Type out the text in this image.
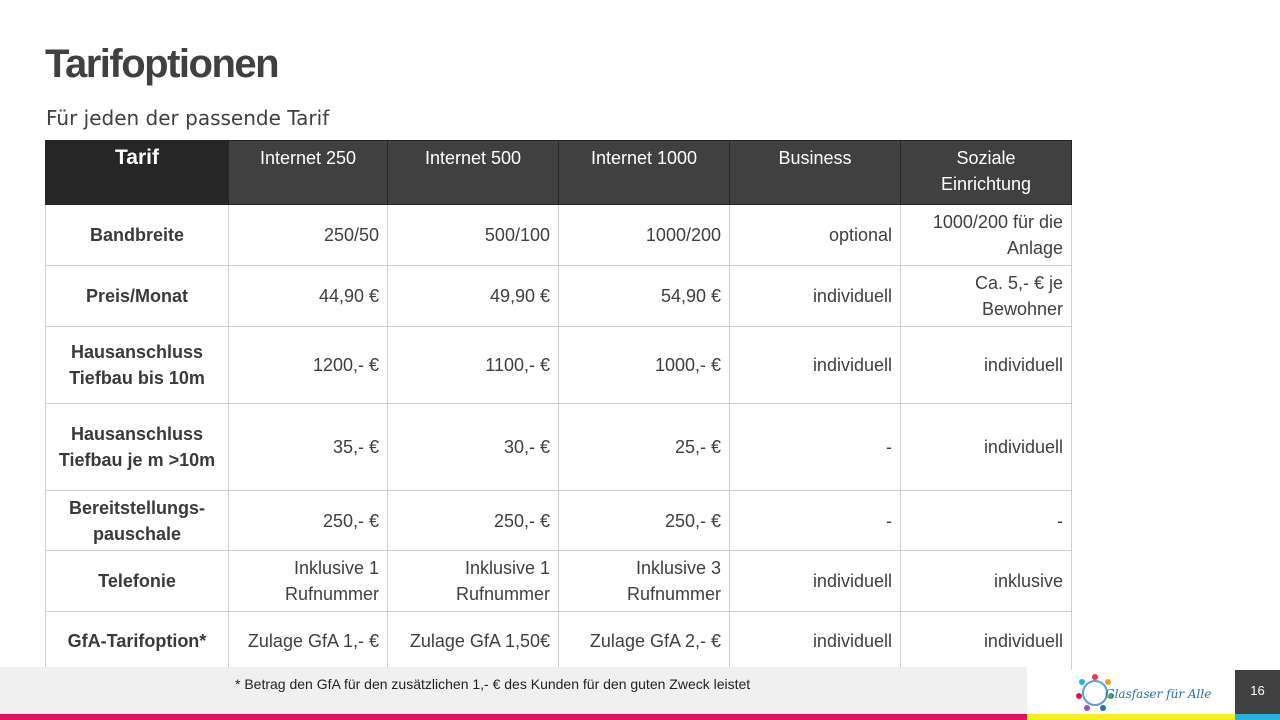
Tarifoptionen
Für jeden der passende Tarif
Tarif	Internet 250	Internet 500	Internet 1000	Business	Soziale Einrichtung
Bandbreite	250/50	500/100	1000/200	optional	1000/200 für die Anlage
Preis/Monat	44,90 €	49,90 €	54,90 €	individuell	Ca. 5,- € je Bewohner
Hausanschluss Tiefbau bis 10m	1200,- €	1100,- €	1000,- €	individuell	individuell
Hausanschluss Tiefbau je m >10m	35,- €	30,- €	25,- €	-	individuell
Bereitstellungs-pauschale	250,- €	250,- €	250,- €	-	-
Telefonie	Inklusive 1 Rufnummer	Inklusive 1 Rufnummer	Inklusive 3 Rufnummer	individuell	inklusive
GfA-Tarifoption*	Zulage GfA 1,- €	Zulage GfA 1,50€	Zulage GfA 2,- €	individuell	individuell
* Betrag den GfA für den zusätzlichen 1,- € des Kunden für den guten Zweck leistet
Glasfaser für Alle	16
